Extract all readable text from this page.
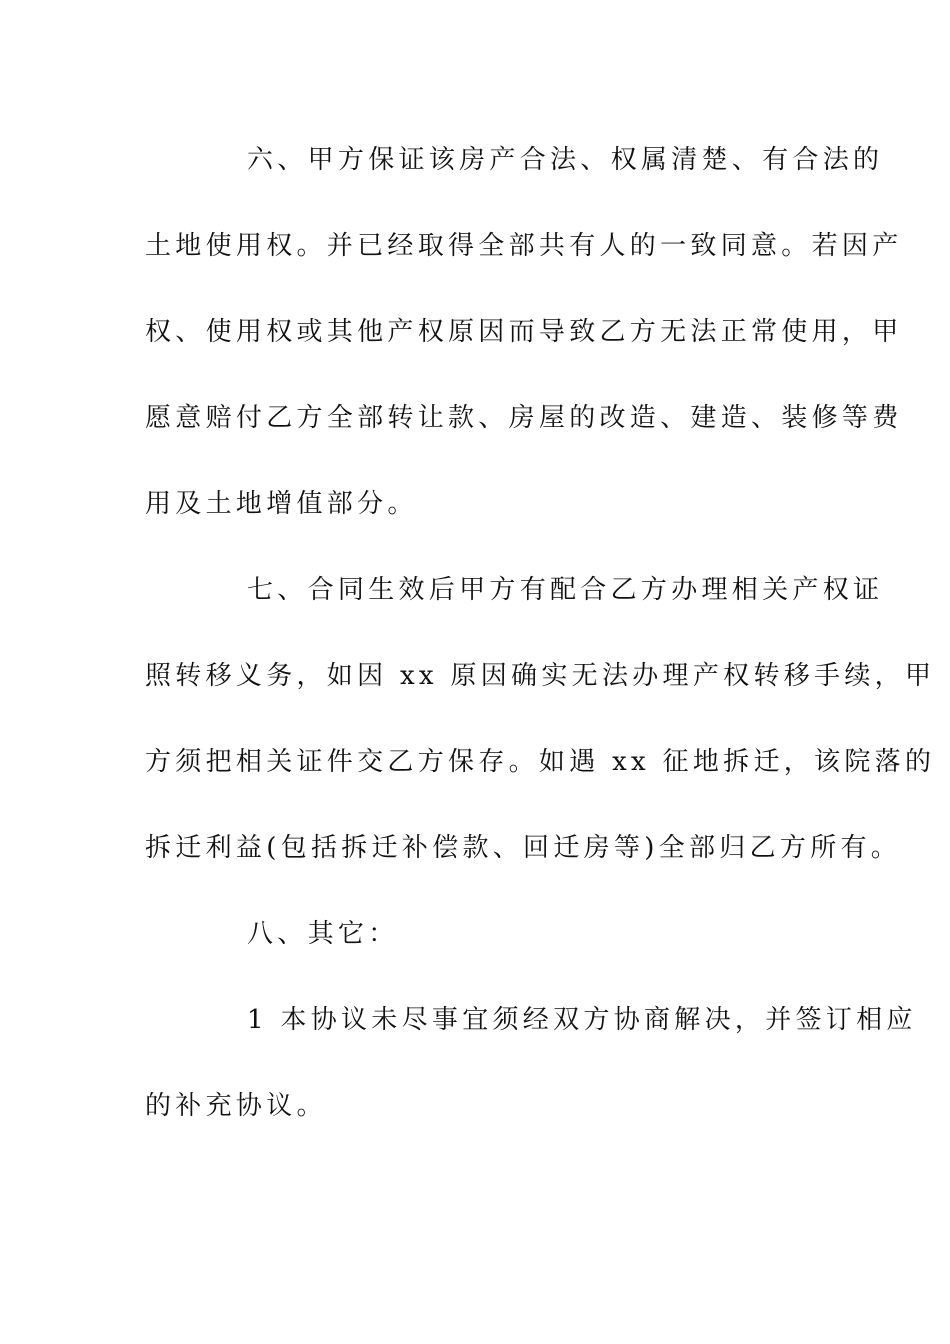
六、甲方保证该房产合法、权属清楚、有合法的
土地使用权。并已经取得全部共有人的一致同意。若因产
权、使用权或其他产权原因而导致乙方无法正常使用，甲
愿意赔付乙方全部转让款、房屋的改造、建造、装修等费
用及土地增值部分。
七、合同生效后甲方有配合乙方办理相关产权证
照转移义务，如因 xx 原因确实无法办理产权转移手续，甲
方须把相关证件交乙方保存。如遇 xx 征地拆迁，该院落的
拆迁利益(包括拆迁补偿款、回迁房等)全部归乙方所有。
八、其它：
1 本协议未尽事宜须经双方协商解决，并签订相应
的补充协议。
